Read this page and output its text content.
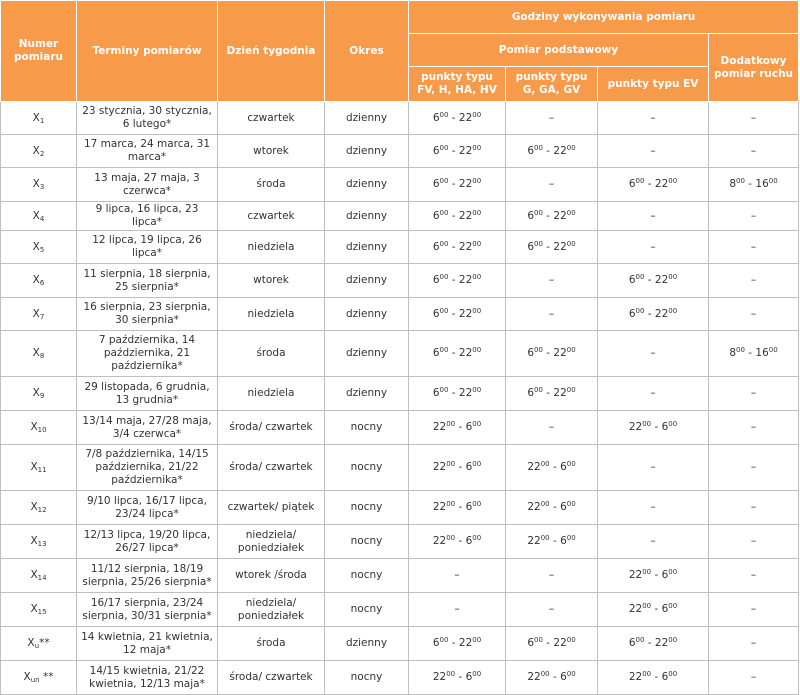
Numer pomiaru	Terminy pomiarów	Dzień tygodnia	Okres	Godziny wykonywania pomiaru			
				Pomiar podstawowy			Dodatkowy pomiar ruchu
				punkty typu FV, H, HA, HV	punkty typu G, GA, GV	punkty typu EV	
$X_1$	23 stycznia, 30 stycznia, 6 lutego*	czwartek	dzienny	$6^{00} - 22^{00}$	–	–	–
$X_2$	17 marca, 24 marca, 31 marca*	wtorek	dzienny	$6^{00} - 22^{00}$	$6^{00} - 22^{00}$	–	–
$X_3$	13 maja, 27 maja, 3 czerwca*	środa	dzienny	$6^{00} - 22^{00}$	–	$6^{00} - 22^{00}$	$8^{00} - 16^{00}$
$X_4$	9 lipca, 16 lipca, 23 lipca*	czwartek	dzienny	$6^{00} - 22^{00}$	$6^{00} - 22^{00}$	–	–
$X_5$	12 lipca, 19 lipca, 26 lipca*	niedziela	dzienny	$6^{00} - 22^{00}$	$6^{00} - 22^{00}$	–	–
$X_6$	11 sierpnia, 18 sierpnia, 25 sierpnia*	wtorek	dzienny	$6^{00} - 22^{00}$	–	$6^{00} - 22^{00}$	–
$X_7$	16 sierpnia, 23 sierpnia, 30 sierpnia*	niedziela	dzienny	$6^{00} - 22^{00}$	–	$6^{00} - 22^{00}$	–
$X_8$	7 października, 14 października, 21 października*	środa	dzienny	$6^{00} - 22^{00}$	$6^{00} - 22^{00}$	–	$8^{00} - 16^{00}$
$X_9$	29 listopada, 6 grudnia, 13 grudnia*	niedziela	dzienny	$6^{00} - 22^{00}$	$6^{00} - 22^{00}$	–	–
$X_{10}$	13/14 maja, 27/28 maja, 3/4 czerwca*	środa/ czwartek	nocny	$22^{00} - 6^{00}$	–	$22^{00} - 6^{00}$	–
$X_{11}$	7/8 października, 14/15 października, 21/22 października*	środa/ czwartek	nocny	$22^{00} - 6^{00}$	$22^{00} - 6^{00}$	–	–
$X_{12}$	9/10 lipca, 16/17 lipca, 23/24 lipca*	czwartek/ piątek	nocny	$22^{00} - 6^{00}$	$22^{00} - 6^{00}$	–	–
$X_{13}$	12/13 lipca, 19/20 lipca, 26/27 lipca*	niedziela/ poniedziałek	nocny	$22^{00} - 6^{00}$	$22^{00} - 6^{00}$	–	–
$X_{14}$	11/12 sierpnia, 18/19 sierpnia, 25/26 sierpnia*	wtorek /środa	nocny	–	–	$22^{00} - 6^{00}$	–
$X_{15}$	16/17 sierpnia, 23/24 sierpnia, 30/31 sierpnia*	niedziela/ poniedziałek	nocny	–	–	$22^{00} - 6^{00}$	–
$X_u**$	14 kwietnia, 21 kwietnia, 12 maja*	środa	dzienny	$6^{00} - 22^{00}$	$6^{00} - 22^{00}$	$6^{00} - 22^{00}$	–
$X_{un}$ **	14/15 kwietnia, 21/22 kwietnia, 12/13 maja*	środa/ czwartek	nocny	$22^{00} - 6^{00}$	$22^{00} - 6^{00}$	$22^{00} - 6^{00}$	–
